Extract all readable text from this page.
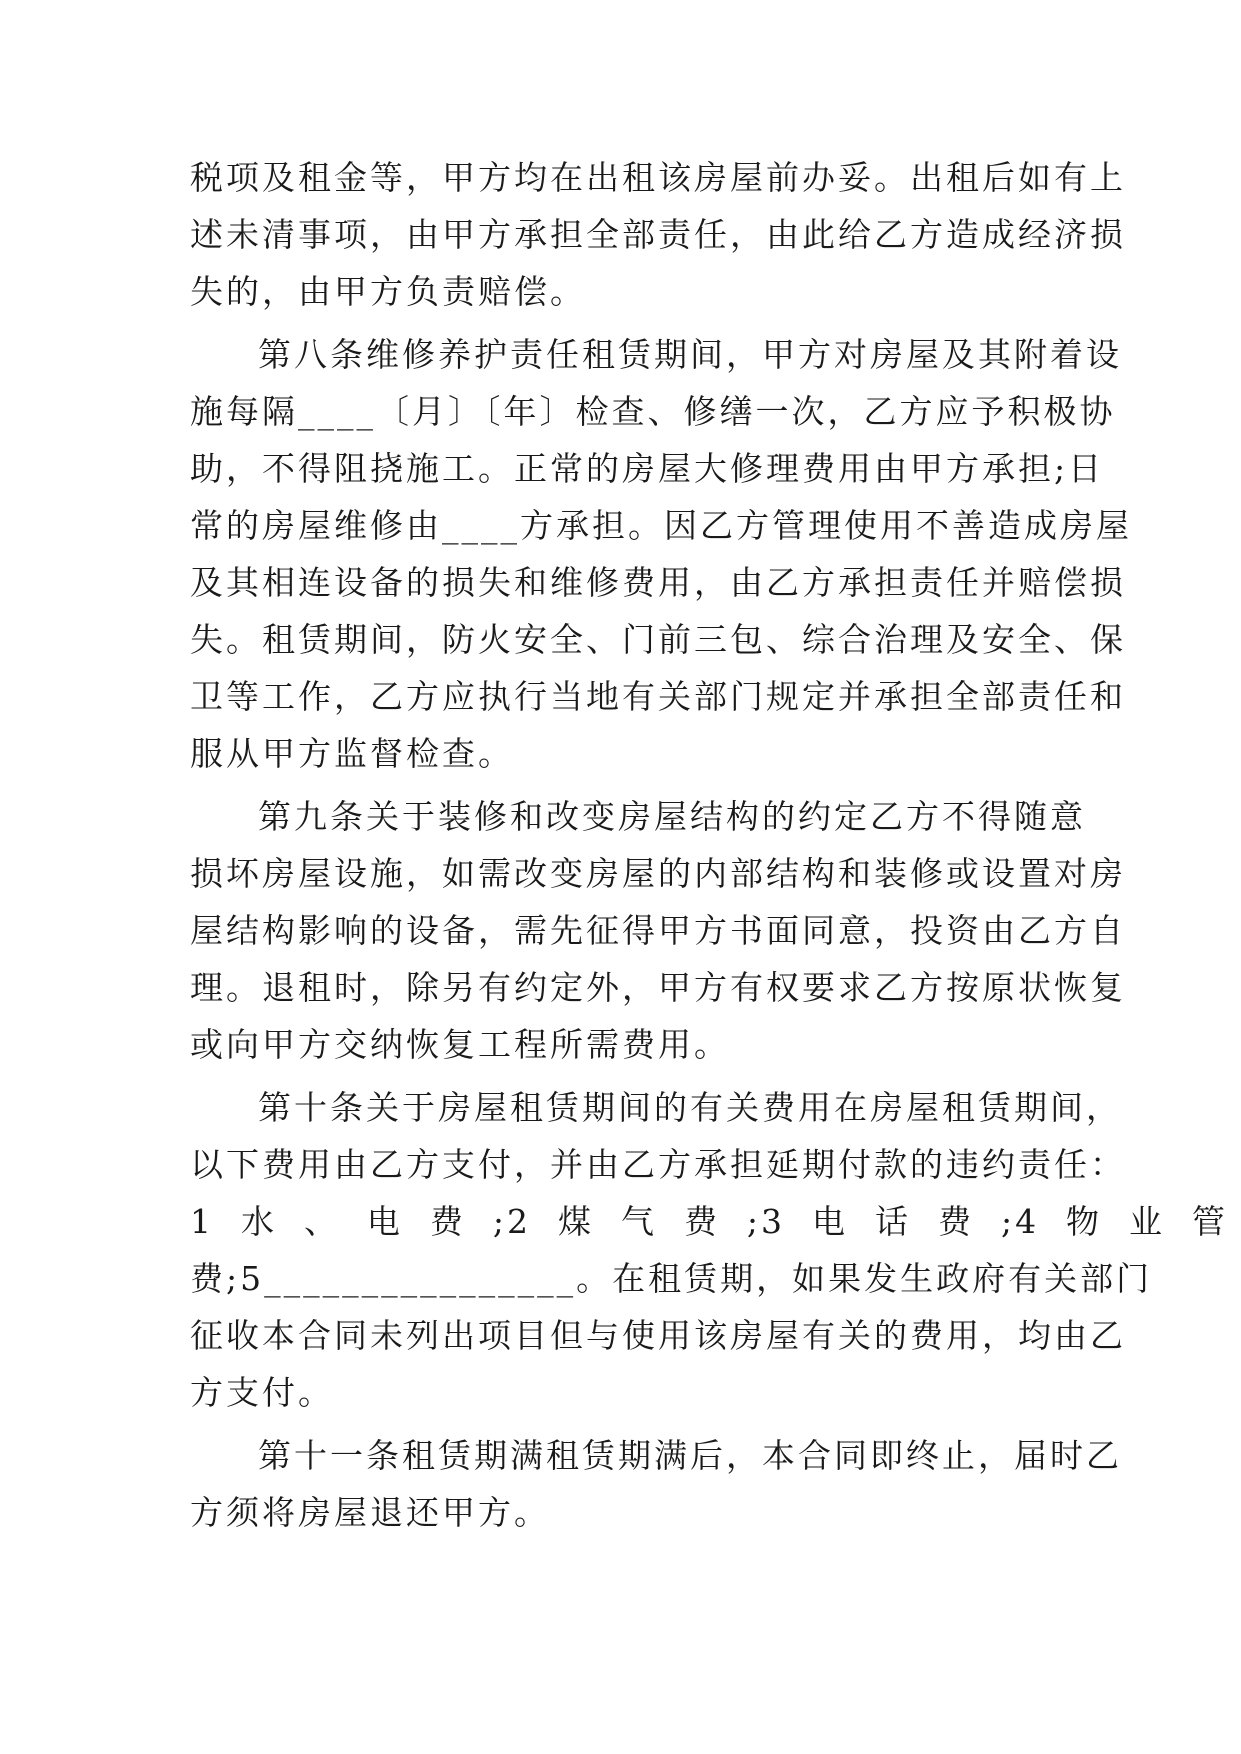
税项及租金等，甲方均在出租该房屋前办妥。出租后如有上
述未清事项，由甲方承担全部责任，由此给乙方造成经济损
失的，由甲方负责赔偿。
第八条维修养护责任租赁期间，甲方对房屋及其附着设
施每隔____〔月〕〔年〕检查、修缮一次，乙方应予积极协
助，不得阻挠施工。正常的房屋大修理费用由甲方承担;日
常的房屋维修由____方承担。因乙方管理使用不善造成房屋
及其相连设备的损失和维修费用，由乙方承担责任并赔偿损
失。租赁期间，防火安全、门前三包、综合治理及安全、保
卫等工作，乙方应执行当地有关部门规定并承担全部责任和
服从甲方监督检查。
第九条关于装修和改变房屋结构的约定乙方不得随意
损坏房屋设施，如需改变房屋的内部结构和装修或设置对房
屋结构影响的设备，需先征得甲方书面同意，投资由乙方自
理。退租时，除另有约定外，甲方有权要求乙方按原状恢复
或向甲方交纳恢复工程所需费用。
第十条关于房屋租赁期间的有关费用在房屋租赁期间，
以下费用由乙方支付，并由乙方承担延期付款的违约责任：
1  水  、  电  费  ;2  煤  气  费  ;3  电  话  费  ;4  物  业  管
费;5________________。在租赁期，如果发生政府有关部门
征收本合同未列出项目但与使用该房屋有关的费用，均由乙
方支付。
第十一条租赁期满租赁期满后，本合同即终止，届时乙
方须将房屋退还甲方。
